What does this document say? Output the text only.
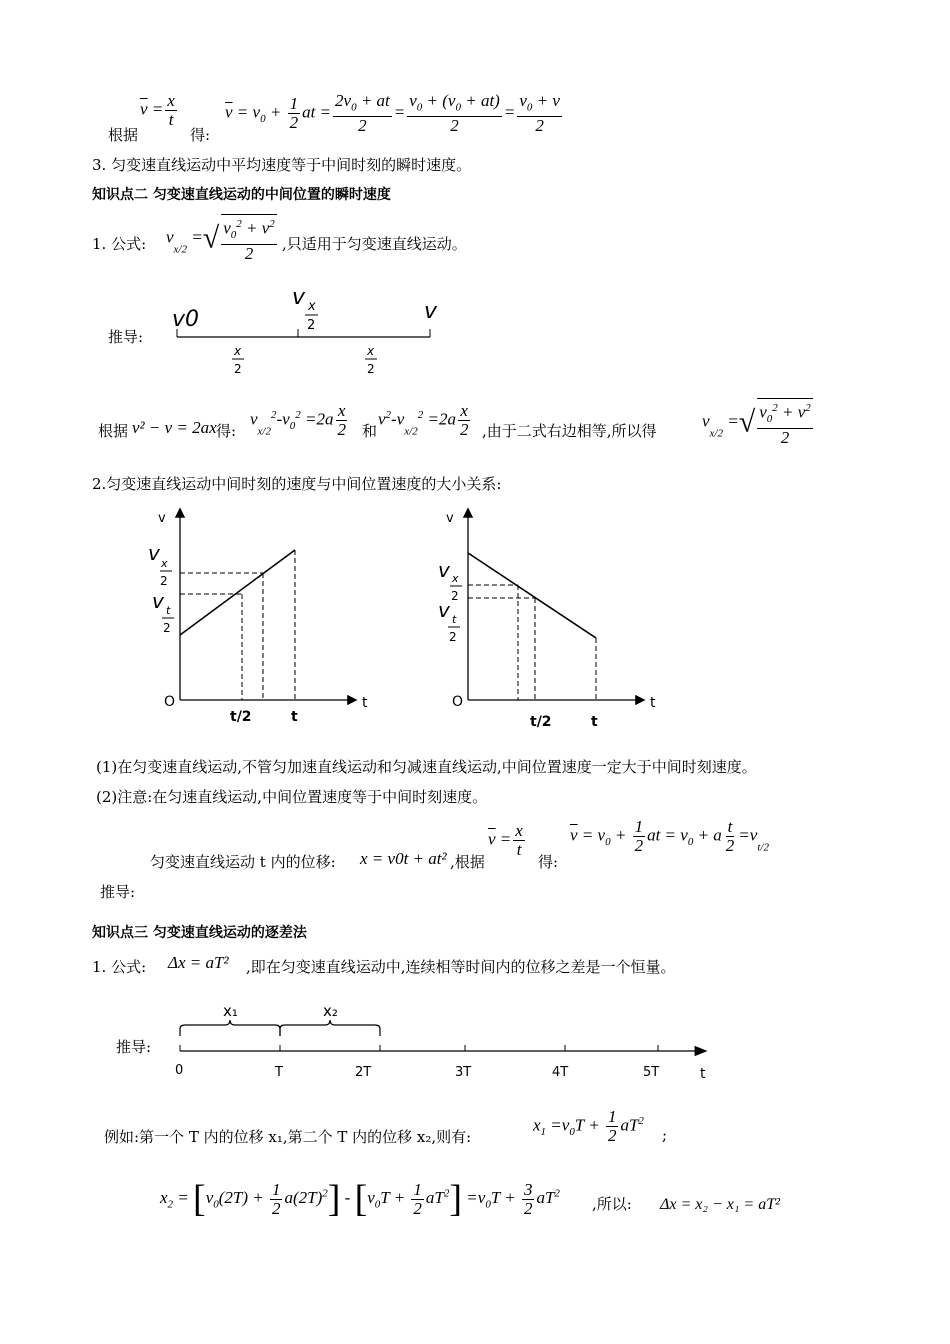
根据
$\overline{v} = \frac{x}{t}$
得:
$\overline{v} = v_0 + \frac{1}{2}$ at = $\frac{2v_0 + at}{2} = \frac{v_0 + (v_0 + at)}{2} = \frac{v_0 + v}{2}$
3. 匀变速直线运动中平均速度等于中间时刻的瞬时速度。
知识点二 匀变速直线运动的中间位置的瞬时速度
1. 公式: $v_{x/2}$ =√ $\frac{v_0^2 + v^2}{2}$ ,只适用于匀变速直线运动。
推导:
v0
v x
2
v
x
2
x
2
根据 v² − v = 2ax 得:
$v_{x/2}^2-v_0^2 =2a \frac{x}{2}$ 和
$v^2-v_{x/2}^2 =2a \frac{x}{2}$ ,由于二式右边相等,所以得
$v_{x/2}$ =√ $\frac{v_0^2 + v^2}{2}$
2.匀变速直线运动中间时刻的速度与中间位置速度的大小关系:
v
t
O
v x
2
v t
2
t/2	t
v
t
O
v x
2
v t
2
t/2	t
(1)在匀变速直线运动,不管匀加速直线运动和匀减速直线运动,中间位置速度一定大于中间时刻速度。
(2)注意:在匀速直线运动,中间位置速度等于中间时刻速度。
匀变速直线运动 t 内的位移: x = v0t + at² ,根据
$\overline{v} = \frac{x}{t}$
得:
$\overline{v} = v_0 + \frac{1}{2}$ at = $v_0 + a \frac{t}{2} =v_{t/2}$
推导:
知识点三 匀变速直线运动的逐差法
1. 公式: Δx = aT² ,即在匀变速直线运动中,连续相等时间内的位移之差是一个恒量。
推导:
x₁	x₂
0	T	2T	3T	4T	5T	t
例如:第一个 T 内的位移 x₁,第二个 T 内的位移 x₂,则有:
$x_1 =v_0T + \frac{1}{2} aT^2$
;
$x_2 = [v_0(2T) + \frac{1}{2} a(2T)^2] - [v_0T + \frac{1}{2} aT^2] =v_0T + \frac{3}{2} aT^2$
,所以: Δx = x₂ − x₁ = aT²
